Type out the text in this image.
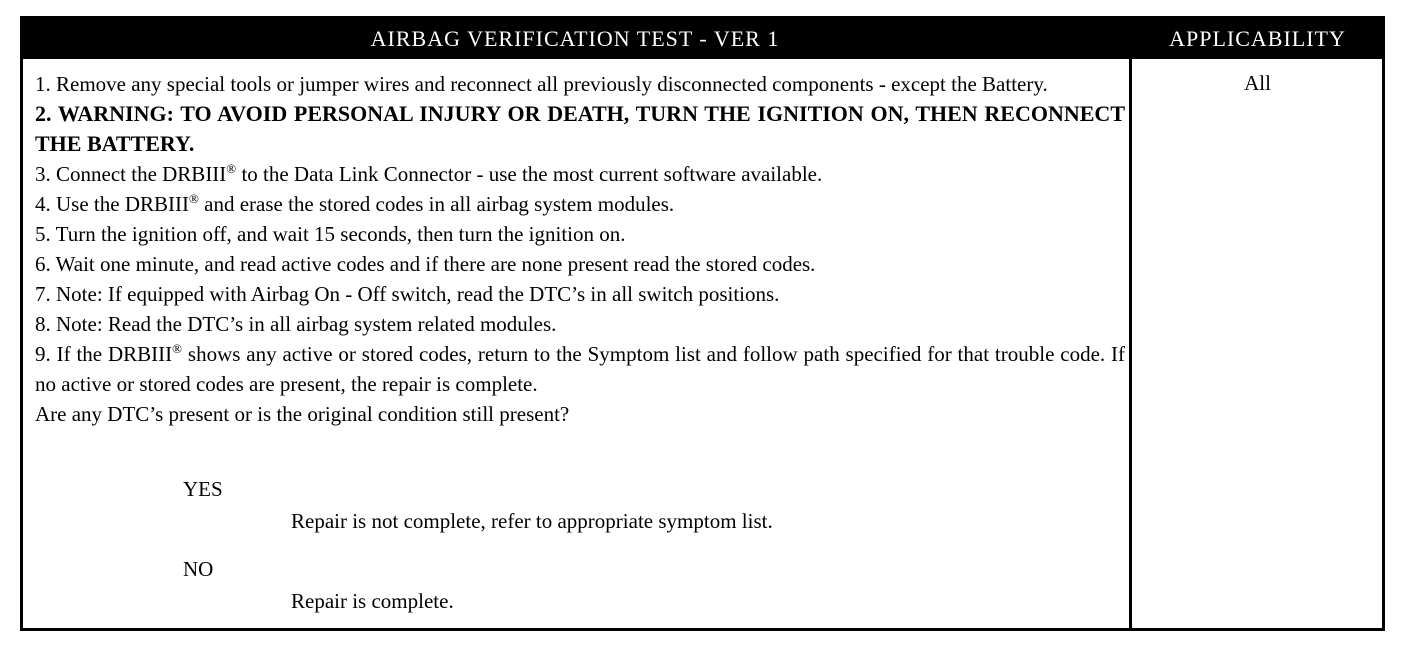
AIRBAG VERIFICATION TEST - VER 1	APPLICABILITY
All

1. Remove any special tools or jumper wires and reconnect all previously disconnected components - except the Battery.

2. WARNING: TO AVOID PERSONAL INJURY OR DEATH, TURN THE IGNITION ON, THEN RECONNECT THE BATTERY.

3. Connect the DRBIII® to the Data Link Connector - use the most current software available.

4. Use the DRBIII® and erase the stored codes in all airbag system modules.

5. Turn the ignition off, and wait 15 seconds, then turn the ignition on.

6. Wait one minute, and read active codes and if there are none present read the stored codes.

7. Note: If equipped with Airbag On - Off switch, read the DTC’s in all switch positions.

8. Note: Read the DTC’s in all airbag system related modules.

9. If the DRBIII® shows any active or stored codes, return to the Symptom list and follow path specified for that trouble code. If no active or stored codes are present, the repair is complete.

Are any DTC’s present or is the original condition still present?

YES
Repair is not complete, refer to appropriate symptom list.
NO
Repair is complete.
